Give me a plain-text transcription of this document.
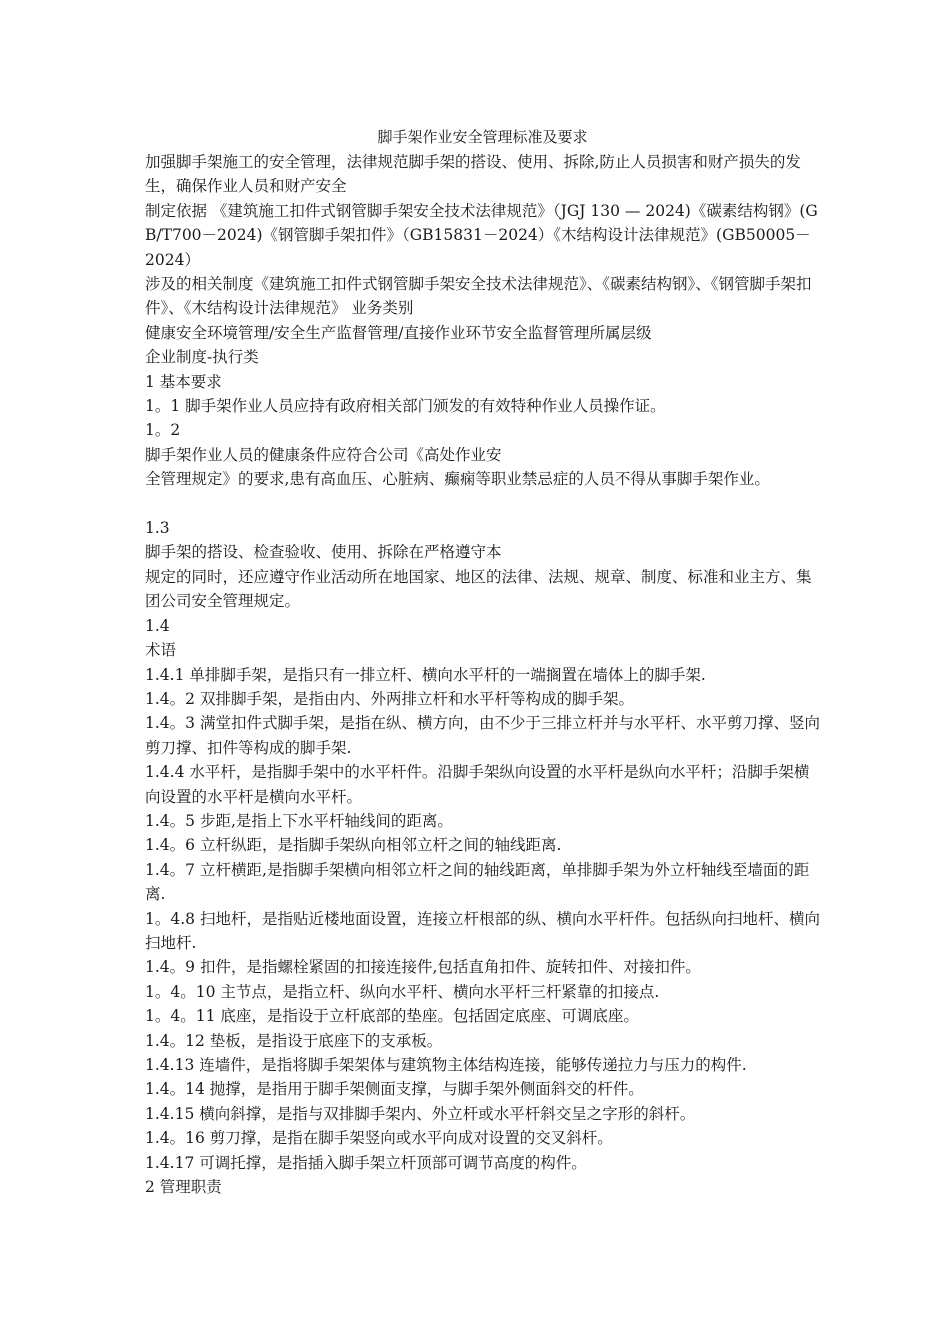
脚手架作业安全管理标准及要求

加强脚手架施工的安全管理，法律规范脚手架的搭设、使用、拆除,防止人员损害和财产损失的发生，确保作业人员和财产安全

制定依据 《建筑施工扣件式钢管脚手架安全技术法律规范》（JGJ 130 — 2024)《碳素结构钢》(GB/T700－2024)《钢管脚手架扣件》（GB15831－2024）《木结构设计法律规范》(GB50005－2024）

涉及的相关制度《建筑施工扣件式钢管脚手架安全技术法律规范》、《碳素结构钢》、《钢管脚手架扣件》、《木结构设计法律规范》 业务类别

健康安全环境管理/安全生产监督管理/直接作业环节安全监督管理所属层级

企业制度-执行类

1 基本要求

1。1 脚手架作业人员应持有政府相关部门颁发的有效特种作业人员操作证。

1。2

脚手架作业人员的健康条件应符合公司《高处作业安

全管理规定》的要求,患有高血压、心脏病、癫痫等职业禁忌症的人员不得从事脚手架作业。

1.3

脚手架的搭设、检查验收、使用、拆除在严格遵守本

规定的同时，还应遵守作业活动所在地国家、地区的法律、法规、规章、制度、标准和业主方、集团公司安全管理规定。

1.4

术语

1.4.1 单排脚手架，是指只有一排立杆、横向水平杆的一端搁置在墙体上的脚手架.

1.4。2 双排脚手架，是指由内、外两排立杆和水平杆等构成的脚手架。

1.4。3 满堂扣件式脚手架，是指在纵、横方向，由不少于三排立杆并与水平杆、水平剪刀撑、竖向剪刀撑、扣件等构成的脚手架.

1.4.4 水平杆，是指脚手架中的水平杆件。沿脚手架纵向设置的水平杆是纵向水平杆；沿脚手架横向设置的水平杆是横向水平杆。

1.4。5 步距,是指上下水平杆轴线间的距离。

1.4。6 立杆纵距，是指脚手架纵向相邻立杆之间的轴线距离.

1.4。7 立杆横距,是指脚手架横向相邻立杆之间的轴线距离，单排脚手架为外立杆轴线至墙面的距离.

1。4.8 扫地杆，是指贴近楼地面设置，连接立杆根部的纵、横向水平杆件。包括纵向扫地杆、横向扫地杆.

1.4。9 扣件，是指螺栓紧固的扣接连接件,包括直角扣件、旋转扣件、对接扣件。

1。4。10 主节点，是指立杆、纵向水平杆、横向水平杆三杆紧靠的扣接点.

1。4。11 底座，是指设于立杆底部的垫座。包括固定底座、可调底座。

1.4。12 垫板，是指设于底座下的支承板。

1.4.13 连墙件，是指将脚手架架体与建筑物主体结构连接，能够传递拉力与压力的构件.

1.4。14 抛撑，是指用于脚手架侧面支撑，与脚手架外侧面斜交的杆件。

1.4.15 横向斜撑，是指与双排脚手架内、外立杆或水平杆斜交呈之字形的斜杆。

1.4。16 剪刀撑，是指在脚手架竖向或水平向成对设置的交叉斜杆。

1.4.17 可调托撑，是指插入脚手架立杆顶部可调节高度的构件。

2 管理职责
